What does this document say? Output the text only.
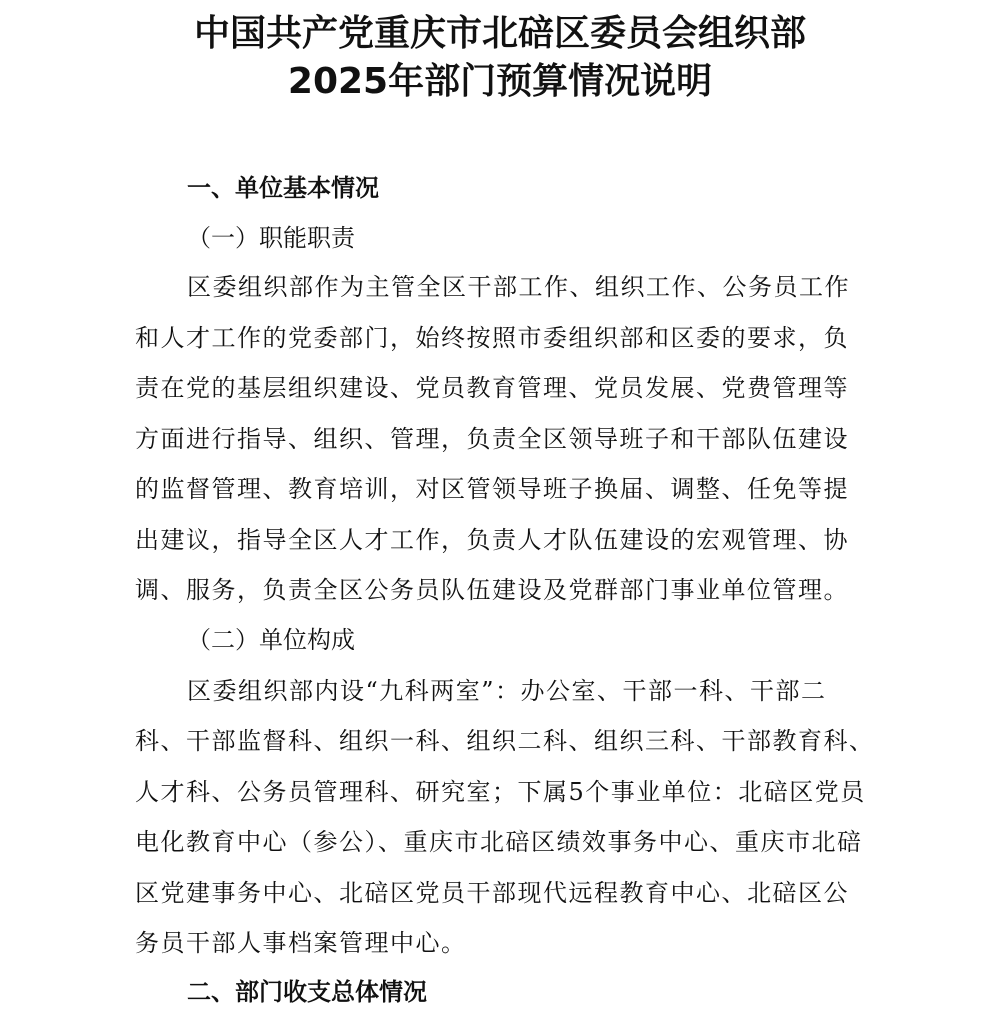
中国共产党重庆市北碚区委员会组织部
2025年部门预算情况说明
一、单位基本情况
（一）职能职责
区委组织部作为主管全区干部工作、组织工作、公务员工作
和人才工作的党委部门，始终按照市委组织部和区委的要求，负
责在党的基层组织建设、党员教育管理、党员发展、党费管理等
方面进行指导、组织、管理，负责全区领导班子和干部队伍建设
的监督管理、教育培训，对区管领导班子换届、调整、任免等提
出建议，指导全区人才工作，负责人才队伍建设的宏观管理、协
调、服务，负责全区公务员队伍建设及党群部门事业单位管理。
（二）单位构成
区委组织部内设“九科两室”：办公室、干部一科、干部二
科、干部监督科、组织一科、组织二科、组织三科、干部教育科、
人才科、公务员管理科、研究室；下属5个事业单位：北碚区党员
电化教育中心（参公）、重庆市北碚区绩效事务中心、重庆市北碚
区党建事务中心、北碚区党员干部现代远程教育中心、北碚区公
务员干部人事档案管理中心。
二、部门收支总体情况
